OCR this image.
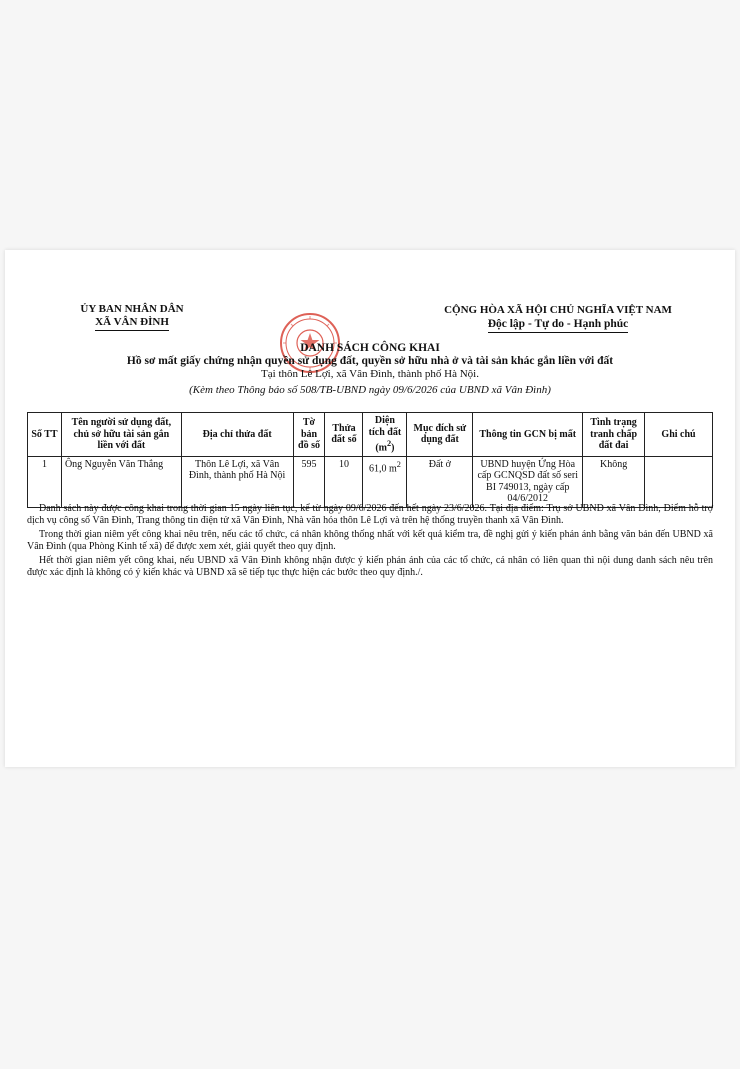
ỦY BAN NHÂN DÂN
XÃ VÂN ĐÌNH
CỘNG HÒA XÃ HỘI CHỦ NGHĨA VIỆT NAM
Độc lập - Tự do - Hạnh phúc
DANH SÁCH CÔNG KHAI
Hồ sơ mất giấy chứng nhận quyền sử dụng đất, quyền sở hữu nhà ở và tài sản khác gắn liền với đất
Tại thôn Lê Lợi, xã Vân Đình, thành phố Hà Nội.
(Kèm theo Thông báo số 508/TB-UBND ngày 09/6/2026 của UBND xã Vân Đình)
Số TT	Tên người sử dụng đất, chủ sở hữu tài sản gắn liền với đất	Địa chỉ thửa đất	Tờ bản đồ số	Thửa đất số	Diện tích đất $(m^2)$	Mục đích sử dụng đất	Thông tin GCN bị mất	Tình trạng tranh chấp đất đai	Ghi chú
1	Ông Nguyễn Văn Thắng	Thôn Lê Lợi, xã Vân Đình, thành phố Hà Nội	595	10	61,0 $m^2$	Đất ở	UBND huyện Ứng Hòa cấp GCNQSD đất số seri BI 749013, ngày cấp 04/6/2012	Không	

Danh sách này được công khai trong thời gian 15 ngày liên tục, kể từ ngày 09/6/2026 đến hết ngày 23/6/2026. Tại địa điểm: Trụ sở UBND xã Vân Đình, Điểm hỗ trợ dịch vụ công số Vân Đình, Trang thông tin điện tử xã Vân Đình, Nhà văn hóa thôn Lê Lợi và trên hệ thống truyền thanh xã Vân Đình.

Trong thời gian niêm yết công khai nêu trên, nếu các tổ chức, cá nhân không thống nhất với kết quả kiểm tra, đề nghị gửi ý kiến phản ánh bằng văn bản đến UBND xã Vân Đình (qua Phòng Kinh tế xã) để được xem xét, giải quyết theo quy định.

Hết thời gian niêm yết công khai, nếu UBND xã Vân Đình không nhận được ý kiến phản ánh của các tổ chức, cá nhân có liên quan thì nội dung danh sách nêu trên được xác định là không có ý kiến khác và UBND xã sẽ tiếp tục thực hiện các bước theo quy định./.
